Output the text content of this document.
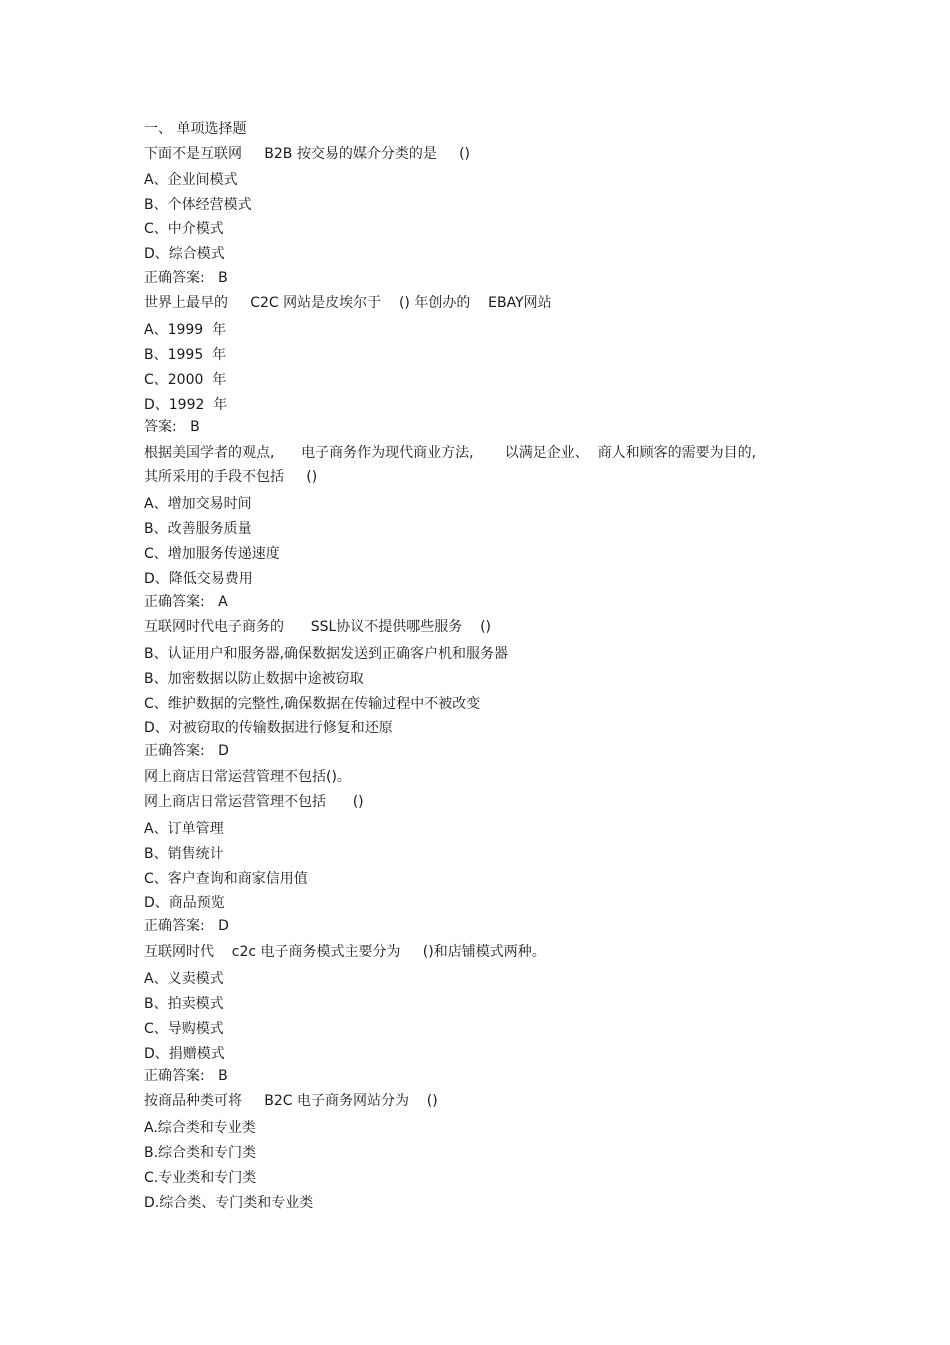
一、 单项选择题
下面不是互联网     B2B 按交易的媒介分类的是     ()
A、企业间模式
B、个体经营模式
C、中介模式
D、综合模式
正确答案:   B
世界上最早的     C2C 网站是皮埃尔于    () 年创办的    EBAY网站
A、1999  年
B、1995  年
C、2000  年
D、1992  年
答案:   B
根据美国学者的观点,      电子商务作为现代商业方法,       以满足企业、  商人和顾客的需要为目的,
其所采用的手段不包括     ()
A、增加交易时间
B、改善服务质量
C、增加服务传递速度
D、降低交易费用
正确答案:   A
互联网时代电子商务的      SSL协议不提供哪些服务    ()
B、认证用户和服务器,确保数据发送到正确客户机和服务器
B、加密数据以防止数据中途被窃取
C、维护数据的完整性,确保数据在传输过程中不被改变
D、对被窃取的传输数据进行修复和还原
正确答案:   D
网上商店日常运营管理不包括()。
网上商店日常运营管理不包括      ()
A、订单管理
B、销售统计
C、客户查询和商家信用值
D、商品预览
正确答案:   D
互联网时代    c2c 电子商务模式主要分为     ()和店铺模式两种。
A、义卖模式
B、拍卖模式
C、导购模式
D、捐赠模式
正确答案:   B
按商品种类可将     B2C 电子商务网站分为    ()
A.综合类和专业类
B.综合类和专门类
C.专业类和专门类
D.综合类、专门类和专业类
